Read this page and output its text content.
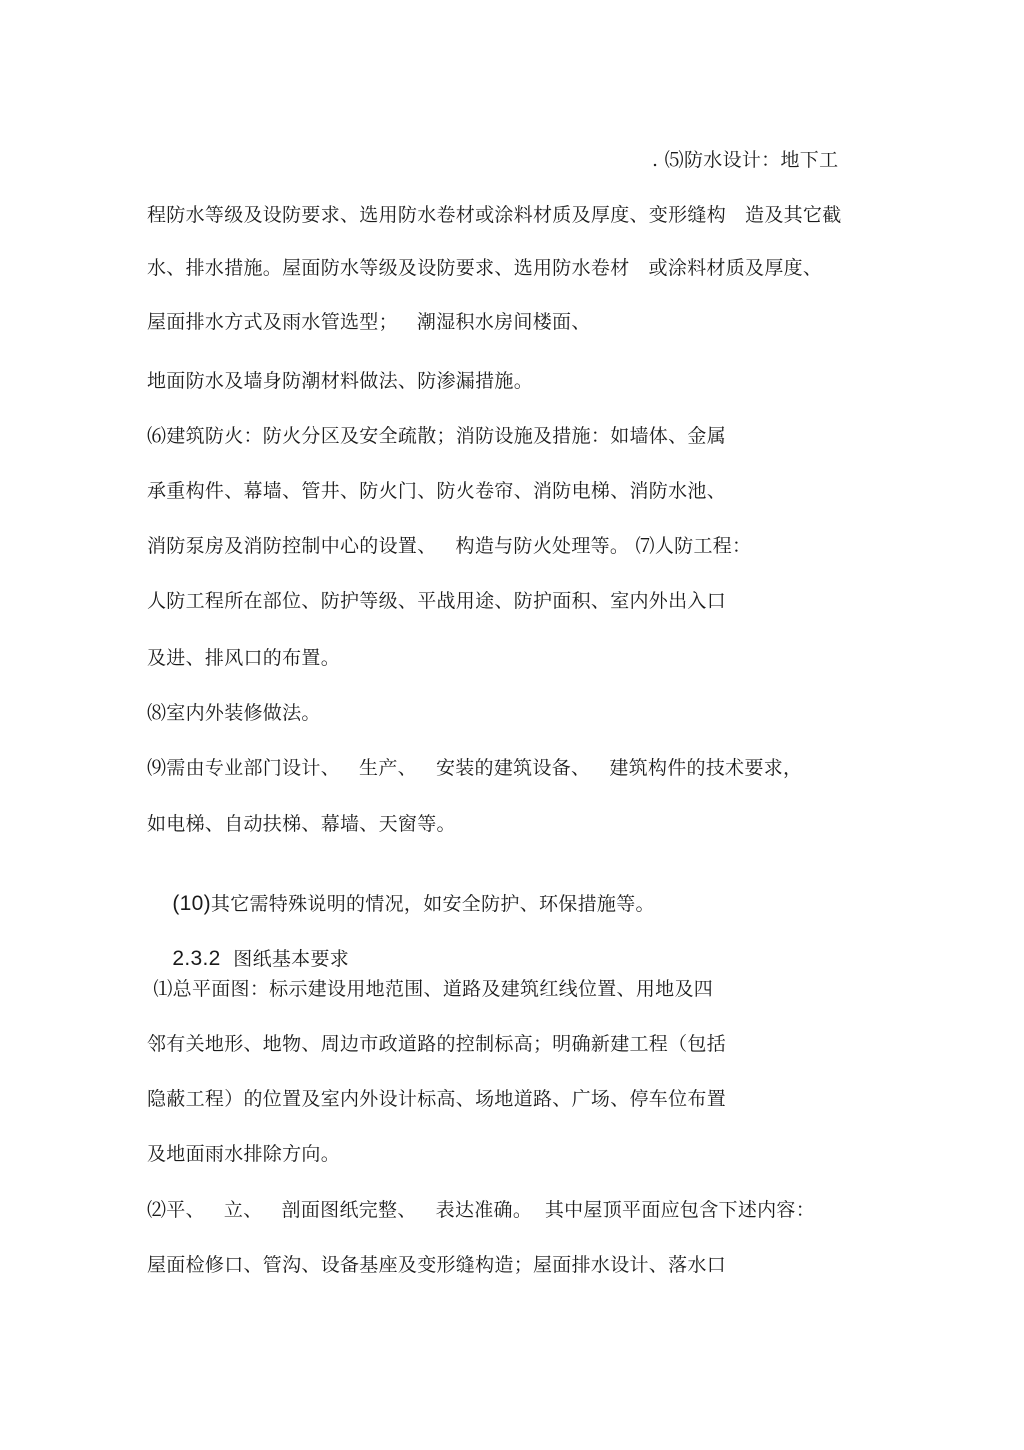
. ⑸防水设计：地下工
程防水等级及设防要求、选用防水卷材或涂料材质及厚度、变形缝构   造及其它截
水、排水措施。屋面防水等级及设防要求、选用防水卷材   或涂料材质及厚度、
屋面排水方式及雨水管选型；   潮湿积水房间楼面、
地面防水及墙身防潮材料做法、防渗漏措施。
⑹建筑防火：防火分区及安全疏散；消防设施及措施：如墙体、金属
承重构件、幕墙、管井、防火门、防火卷帘、消防电梯、消防水池、
消防泵房及消防控制中心的设置、   构造与防火处理等。 ⑺人防工程：
人防工程所在部位、防护等级、平战用途、防护面积、室内外出入口
及进、排风口的布置。
⑻室内外装修做法。
⑼需由专业部门设计、   生产、   安装的建筑设备、   建筑构件的技术要求，
如电梯、自动扶梯、幕墙、天窗等。

(10)其它需特殊说明的情况，如安全防护、环保措施等。

2.3.2 图纸基本要求

⑴总平面图：标示建设用地范围、道路及建筑红线位置、用地及四
邻有关地形、地物、周边市政道路的控制标高；明确新建工程（包括
隐蔽工程）的位置及室内外设计标高、场地道路、广场、停车位布置
及地面雨水排除方向。
⑵平、   立、   剖面图纸完整、   表达准确。  其中屋顶平面应包含下述内容：
屋面检修口、管沟、设备基座及变形缝构造；屋面排水设计、落水口
